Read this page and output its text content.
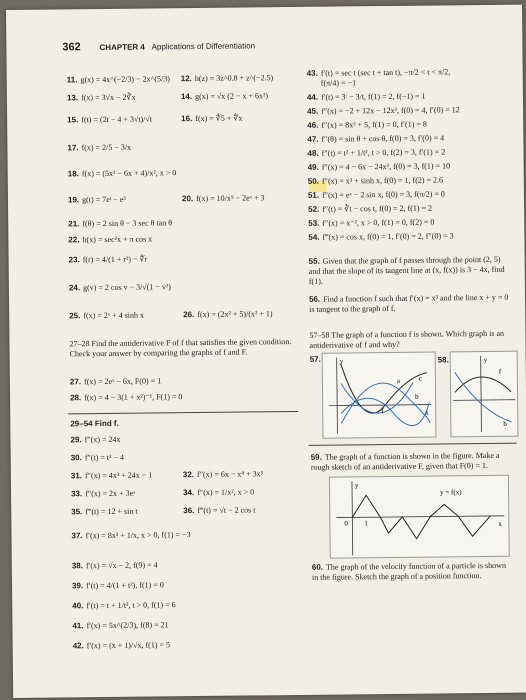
362 CHAPTER 4 Applications of Differentiation
11. g(x) = 4x^(−2/3) − 2x^(5/3) 12. h(z) = 3z^0.8 + z^(−2.5)
13. f(x) = 3√x − 2∛x	14. g(x) = √x (2 − x + 6x²)
15. f(t) = (2t − 4 + 3√t)/√t	16. f(x) = ∜5 + ∜x
17. f(x) = 2/5 − 3/x
18. f(x) = (5x² − 6x + 4)/x², x > 0
19. g(t) = 7eᵗ − e³	20. f(x) = 10/x⁹ − 2eˣ + 3
21. f(θ) = 2 sin θ − 3 sec θ tan θ
22. h(x) = sec²x + π cos x
23. f(r) = 4/(1 + r²) − ∜r
24. g(v) = 2 cos v − 3/√(1 − v²)
25. f(x) = 2ˣ + 4 sinh x	26. f(x) = (2x² + 5)/(x² + 1)
27–28 Find the antiderivative F of f that satisfies the given condition. Check your answer by comparing the graphs of f and F.
27. f(x) = 2eˣ − 6x, F(0) = 1
28. f(x) = 4 − 3(1 + x²)⁻¹, F(1) = 0
29–54 Find f.
29. f″(x) = 24x
30. f″(t) = t² − 4
31. f″(x) = 4x³ + 24x − 1	32. f″(x) = 6x − x⁴ + 3x⁵
33. f″(x) = 2x + 3eˣ	34. f″(x) = 1/x², x > 0
35. f‴(t) = 12 + sin t	36. f‴(t) = √t − 2 cos t
37. f′(x) = 8x³ + 1/x, x > 0, f(1) = −3
38. f′(x) = √x − 2, f(9) = 4
39. f′(t) = 4/(1 + t²), f(1) = 0
40. f′(t) = t + 1/t³, t > 0, f(1) = 6
41. f′(x) = 5x^(2/3), f(8) = 21
42. f′(x) = (x + 1)/√x, f(1) = 5
43. f′(t) = sec t (sec t + tan t), −π/2 < t < π/2,
f(π/4) = −1
44. f′(t) = 3ᵗ − 3/t, f(1) = 2, f(−1) = 1
45. f″(x) = −2 + 12x − 12x², f(0) = 4, f′(0) = 12
46. f″(x) = 8x³ + 5, f(1) = 0, f′(1) = 8
47. f″(θ) = sin θ + cos θ, f(0) = 3, f′(0) = 4
48. f″(t) = t² + 1/t², t > 0, f(2) = 3, f′(1) = 2
49. f″(x) = 4 − 6x − 24x², f(0) = 3, f(1) = 10
50. f″(x) = x³ + sinh x, f(0) = 1, f(2) = 2.6
51. f″(x) = eˣ − 2 sin x, f(0) = 3, f(π/2) = 0
52. f″(t) = ∛t − cos t, f(0) = 2, f(1) = 2
53. f″(x) = x⁻², x > 0, f(1) = 0, f(2) = 0
54. f‴(x) = cos x, f(0) = 1, f′(0) = 2, f″(0) = 3
55. Given that the graph of f passes through the point (2, 5) and that the slope of its tangent line at (x, f(x)) is 3 − 4x, find f(1).
56. Find a function f such that f′(x) = x³ and the line x + y = 0 is tangent to the graph of f.
57–58 The graph of a function f is shown. Which graph is an antiderivative of f and why?
57.	58.
y
x
f
a
b
c
y
f
b
59. The graph of a function is shown in the figure. Make a rough sketch of an antiderivative F, given that F(0) = 1.
y = f(x)
0 1	x
y
60. The graph of the velocity function of a particle is shown in the figure. Sketch the graph of a position function.
